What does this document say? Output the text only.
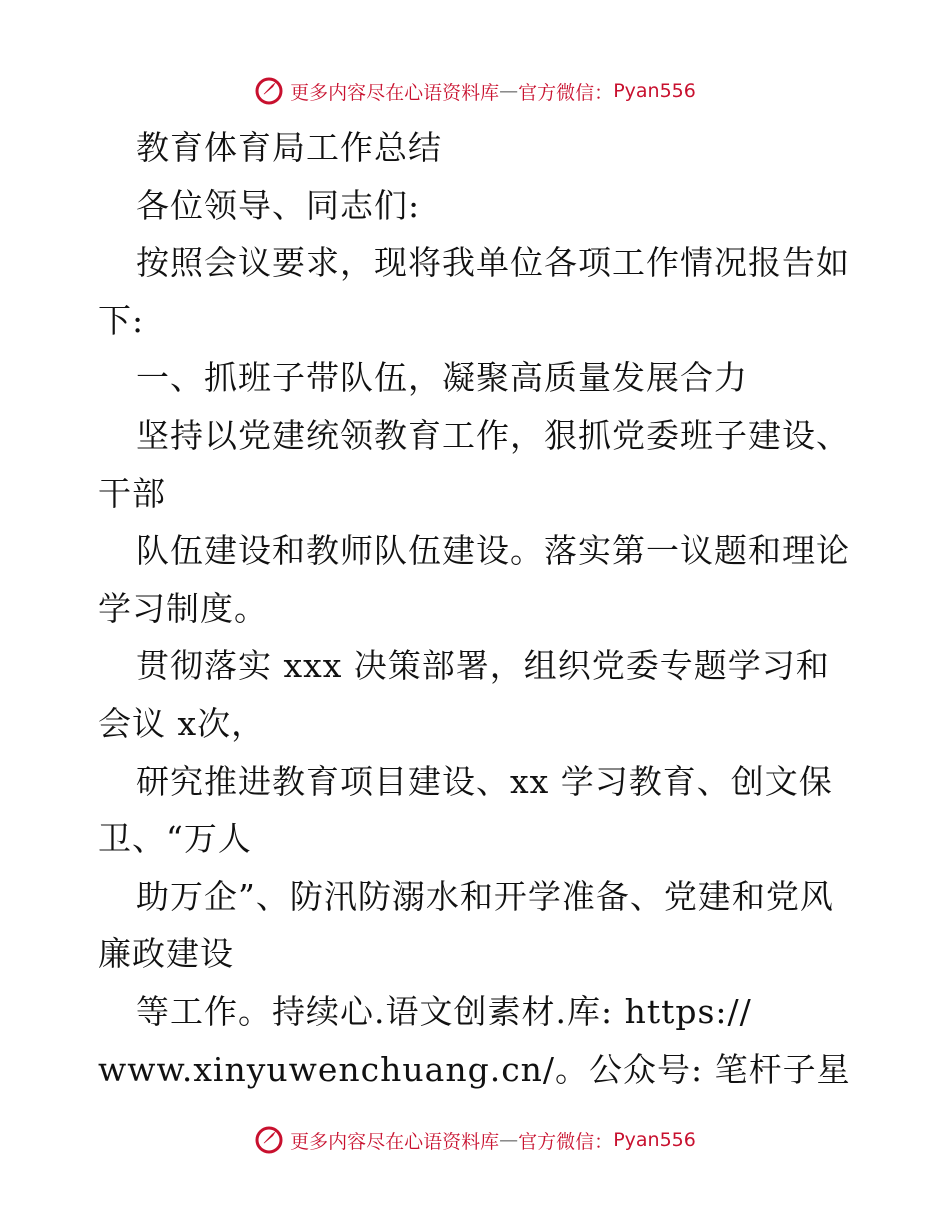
更多内容尽在心语资料库 — 官方微信： Pyan556

教育体育局工作总结

各位领导、同志们:

按照会议要求，现将我单位各项工作情况报告如

下:

一、抓班子带队伍，凝聚高质量发展合力

坚持以党建统领教育工作，狠抓党委班子建设、

干部

队伍建设和教师队伍建设。落实第一议题和理论

学习制度。

贯彻落实 xxx 决策部署，组织党委专题学习和

会议 x次，

研究推进教育项目建设、xx 学习教育、创文保

卫、“万人

助万企”、防汛防溺水和开学准备、党建和党风

廉政建设

等工作。持续心.语文创素材.库: https://

www.xinyuwenchuang.cn/。公众号: 笔杆子星

更多内容尽在心语资料库 — 官方微信： Pyan556
